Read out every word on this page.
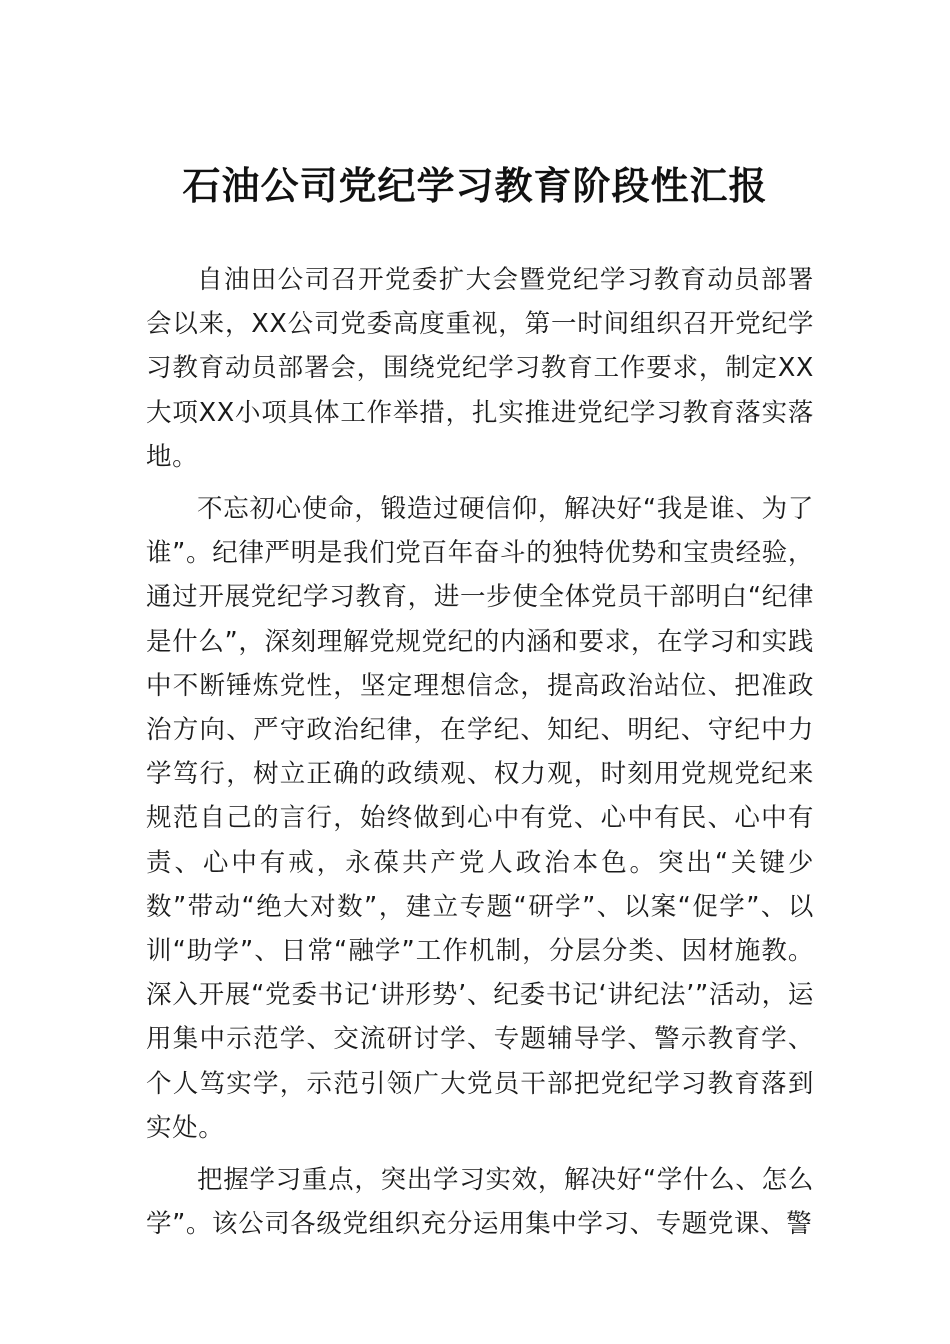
石油公司党纪学习教育阶段性汇报

自油田公司召开党委扩大会暨党纪学习教育动员部署会以来，XX公司党委高度重视，第一时间组织召开党纪学习教育动员部署会，围绕党纪学习教育工作要求，制定XX大项XX小项具体工作举措，扎实推进党纪学习教育落实落地。

不忘初心使命，锻造过硬信仰，解决好“我是谁、为了谁”。纪律严明是我们党百年奋斗的独特优势和宝贵经验，通过开展党纪学习教育，进一步使全体党员干部明白“纪律是什么”，深刻理解党规党纪的内涵和要求，在学习和实践中不断锤炼党性，坚定理想信念，提高政治站位、把准政治方向、严守政治纪律，在学纪、知纪、明纪、守纪中力学笃行，树立正确的政绩观、权力观，时刻用党规党纪来规范自己的言行，始终做到心中有党、心中有民、心中有责、心中有戒，永葆共产党人政治本色。突出“关键少数”带动“绝大对数”，建立专题“研学”、以案“促学”、以训“助学”、日常“融学”工作机制，分层分类、因材施教。深入开展“党委书记‘讲形势’、纪委书记‘讲纪法’”活动，运用集中示范学、交流研讨学、专题辅导学、警示教育学、个人笃实学，示范引领广大党员干部把党纪学习教育落到实处。

把握学习重点，突出学习实效，解决好“学什么、怎么学”。该公司各级党组织充分运用集中学习、专题党课、警
